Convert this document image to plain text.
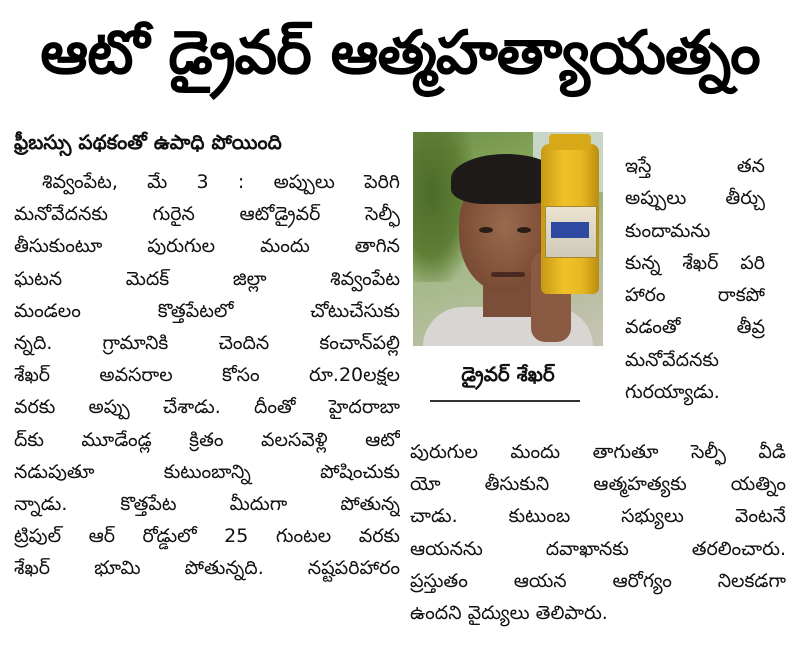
ఆటో డ్రైవర్ ఆత్మహత్యాయత్నం
ఫ్రీబస్సు పథకంతో ఉపాధి పోయింది
శివ్వంపేట, మే 3 : అప్పులు పెరిగి
మనోవేదనకు గురైన ఆటోడ్రైవర్ సెల్ఫీ
తీసుకుంటూ పురుగుల మందు తాగిన
ఘటన మెదక్ జిల్లా శివ్వంపేట
మండలం కొత్తపేటలో చోటుచేసుకు
న్నది. గ్రామానికి చెందిన కంచాన్‌పల్లి
శేఖర్ అవసరాల కోసం రూ.20లక్షల
వరకు అప్పు చేశాడు. దీంతో హైదరాబా
ద్‌కు మూడేండ్ల క్రితం వలసవెళ్లి ఆటో
నడుపుతూ కుటుంబాన్ని పోషించుకు
న్నాడు. కొత్తపేట మీదుగా పోతున్న
ట్రిపుల్ ఆర్ రోడ్డులో 25 గుంటల వరకు
శేఖర్ భూమి పోతున్నది. నష్టపరిహారం
డ్రైవర్ శేఖర్
ఇస్తే తన
అప్పులు తీర్చు
కుందామను
కున్న శేఖర్ పరి
హారం రాకపో
వడంతో తీవ్ర
మనోవేదనకు
గురయ్యాడు.
పురుగుల మందు తాగుతూ సెల్ఫీ వీడి
యో తీసుకుని ఆత్మహత్యకు యత్నిం
చాడు. కుటుంబ సభ్యులు వెంటనే
ఆయనను దవాఖానకు తరలించారు.
ప్రస్తుతం ఆయన ఆరోగ్యం నిలకడగా
ఉందని వైద్యులు తెలిపారు.
